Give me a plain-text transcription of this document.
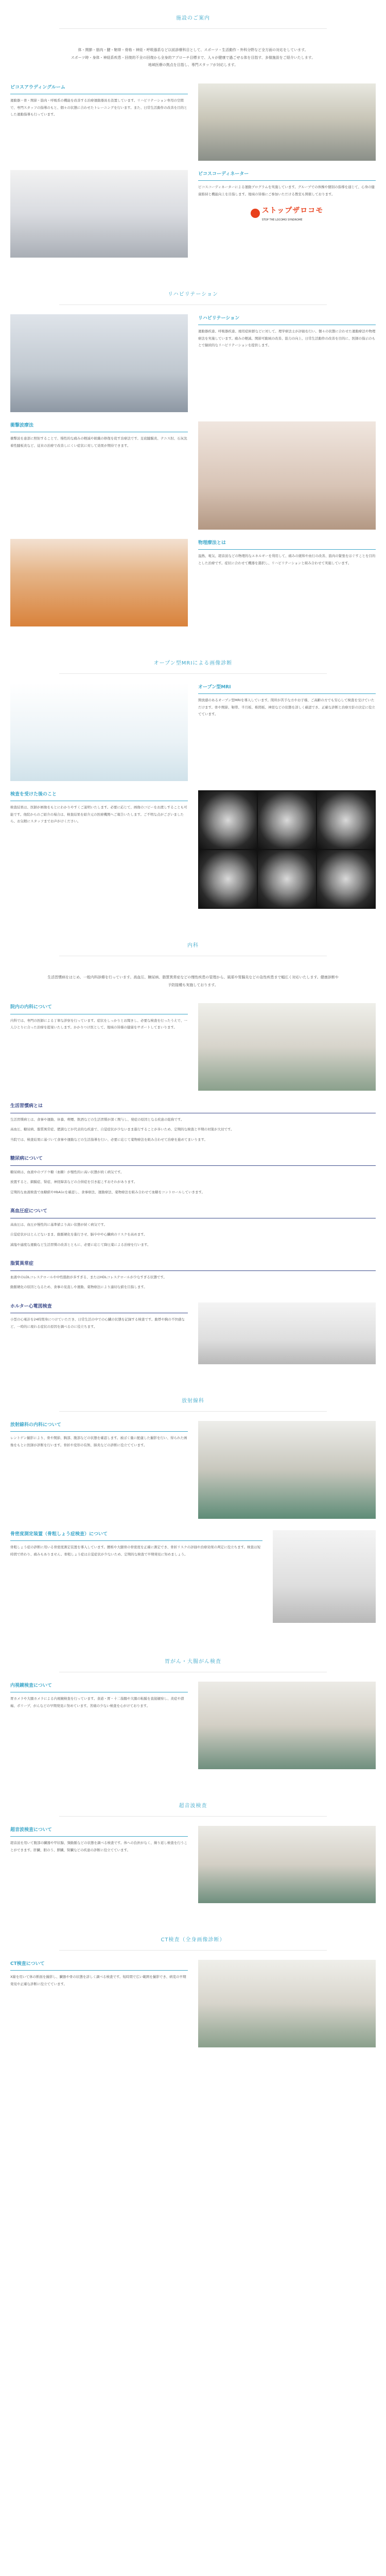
施設のご案内

体・関節・筋肉・腱・靭帯・骨格・神経・呼吸器系など以前診療科目として、スポーツ・生活動作・外科分野など全方面の対応をしています。

スポーツ時・身体・神経系疾患・回復的不全の回復から全身的アプローチ目標まで、人々が健康で過ごせる体を目指す、多様施設をご紹介いたします。

地域医療の拠点を目指し、専門スタッフが対応します。

ビコスアウディングルーム

運動器・骨・関節・筋肉・呼吸系の機能を改善する治療運動器具を設置しています。リハビリテーション専用の空間で、専門スタッフの指導のもと、個々の状態に合わせたトレーニングを行います。また、日常生活動作の改善を目的とした運動指導も行っています。

ビコスコーディネーター

ビコスコーディネーターによる運動プログラムを実施しています。グループでの体操や個別の指導を通じて、心身の健康維持と機能向上を目指します。地域の皆様にご参加いただける教室も開催しております。

ストップザロコモ
STOP THE LOCOMO SYNDROME
リハビリテーション
リハビリテーション

運動器疾患、呼吸器疾患、廃用症候群などに対して、理学療法士が評価を行い、個々の状態に合わせた運動療法や物理療法を実施しています。痛みの軽減、関節可動域の改善、筋力の向上、日常生活動作の改善を目的に、医師の指示のもとで継続的なリハビリテーションを提供します。

衝撃波療法

衝撃波を患部に照射することで、慢性的な痛みの軽減や組織の修復を促す治療法です。足底腱膜炎、テニス肘、石灰沈着性腱板炎など、従来の治療で改善しにくい症状に対して効果が期待できます。

物理療法とは

温熱、電気、超音波などの物理的なエネルギーを利用して、痛みの緩和や血行の改善、筋肉の緊張をほぐすことを目的とした治療です。症状に合わせて機器を選択し、リハビリテーションと組み合わせて実施しています。

オープン型MRIによる画像診断
オープン型MRI

開放感のあるオープン型MRIを導入しています。閉所が苦手な方やお子様、ご高齢の方でも安心して検査を受けていただけます。骨や関節、靭帯、半月板、椎間板、神経などの状態を詳しく確認でき、正確な診断と治療方針の決定に役立てています。

検査を受けた後のこと

検査結果は、医師が画像をもとにわかりやすくご説明いたします。必要に応じて、画像のコピーをお渡しすることも可能です。他院からのご紹介の場合は、検査結果を紹介元の医療機関へご報告いたします。ご不明な点がございましたら、お気軽にスタッフまでお声がけください。

内科

生活習慣病をはじめ、一般内科診療を行っています。高血圧、糖尿病、脂質異常症などの慢性疾患の管理から、風邪や胃腸炎などの急性疾患まで幅広く対応いたします。健康診断や予防接種も実施しております。

院内の内科について

内科では、専門の医師による丁寧な診察を行っています。症状をしっかりとお聞きし、必要な検査を行ったうえで、一人ひとりに合った治療を提案いたします。かかりつけ医として、地域の皆様の健康をサポートしてまいります。

生活習慣病とは

生活習慣病とは、食事や運動、休養、喫煙、飲酒などの生活習慣が深く関与し、発症の原因となる疾患の総称です。

高血圧、糖尿病、脂質異常症、肥満などが代表的な疾患で、自覚症状が少ないまま進行することが多いため、定期的な検査と早期の対策が大切です。

当院では、検査結果に基づいて食事や運動などの生活指導を行い、必要に応じて薬物療法を組み合わせて治療を進めてまいります。

糖尿病について

糖尿病は、血液中のブドウ糖（血糖）が慢性的に高い状態が続く病気です。

放置すると、網膜症、腎症、神経障害などの合併症を引き起こすおそれがあります。

定期的な血液検査で血糖値やHbA1cを確認し、食事療法、運動療法、薬物療法を組み合わせて血糖をコントロールしていきます。

高血圧症について

高血圧は、血圧が慢性的に基準値より高い状態が続く病気です。

自覚症状がほとんどないまま、動脈硬化を進行させ、脳卒中や心臓病のリスクを高めます。

減塩や適度な運動など生活習慣の改善とともに、必要に応じて降圧薬による治療を行います。

脂質異常症

血液中のLDLコレステロールや中性脂肪が多すぎる、またはHDLコレステロールが少なすぎる状態です。

動脈硬化の原因となるため、食事の見直しや運動、薬物療法により適切な値を目指します。

ホルター心電図検査

小型の心電計を24時間身につけていただき、日常生活の中での心臓の状態を記録する検査です。動悸や胸の不快感など、一時的に現れる症状の原因を調べるのに役立ちます。

放射線科
放射線科の内科について

レントゲン撮影により、骨や関節、胸部、腹部などの状態を確認します。被ばく量に配慮した撮影を行い、得られた画像をもとに医師が診断を行います。骨折や変形の有無、肺炎などの診断に役立てています。

骨密度測定装置（骨粗しょう症検査）について

骨粗しょう症の診断に用いる骨密度測定装置を導入しています。腰椎や大腿骨の骨密度を正確に測定でき、骨折リスクの評価や治療効果の判定に役立ちます。検査は短時間で終わり、痛みもありません。骨粗しょう症は自覚症状が少ないため、定期的な検査で早期発見に努めましょう。

胃がん・大腸がん検査
内視鏡検査について

胃カメラや大腸カメラによる内視鏡検査を行っています。食道・胃・十二指腸や大腸の粘膜を直接観察し、炎症や潰瘍、ポリープ、がんなどの早期発見に努めています。苦痛の少ない検査を心がけております。

超音波検査
超音波検査について

超音波を用いて腹部の臓器や甲状腺、頸動脈などの状態を調べる検査です。体への負担がなく、繰り返し検査を行うことができます。肝臓、胆のう、膵臓、腎臓などの疾患の診断に役立てています。

CT検査（全身画像診断）
CT検査について

X線を用いて体の断面を撮影し、臓器や骨の状態を詳しく調べる検査です。短時間で広い範囲を撮影でき、病変の早期発見や正確な診断に役立てています。
